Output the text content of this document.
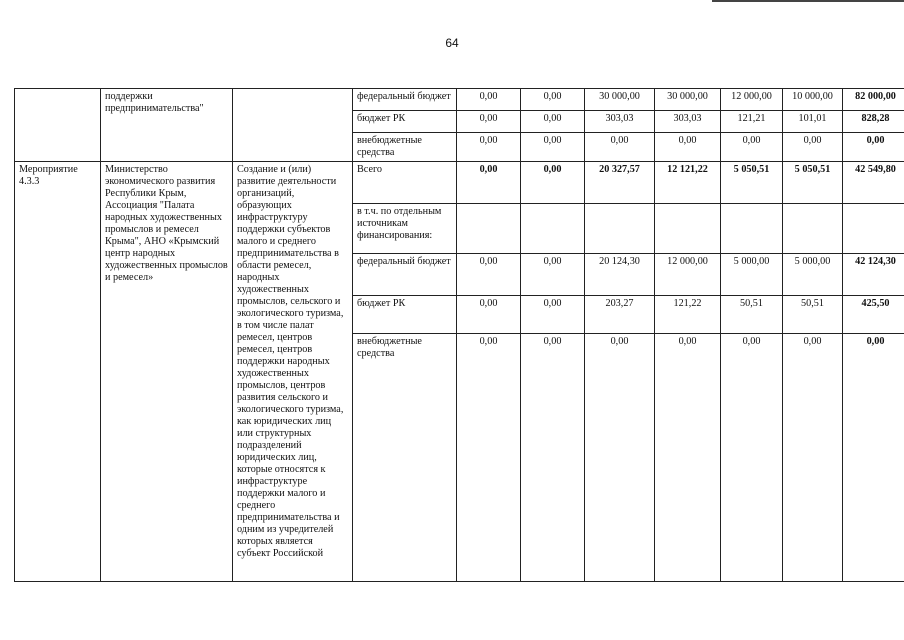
64
	поддержки предпринимательства"		федеральный бюджет	0,00	0,00	30 000,00	30 000,00	12 000,00	10 000,00	82 000,00
			бюджет РК	0,00	0,00	303,03	303,03	121,21	101,01	828,28
			внебюджетные средства	0,00	0,00	0,00	0,00	0,00	0,00	0,00
Мероприятие 4.3.3	Министерство экономического развития Республики Крым, Ассоциация "Палата народных художественных промыслов и ремесел Крыма", АНО «Крымский центр народных художественных промыслов и ремесел»	Создание и (или) развитие деятельности организаций, образующих инфраструктуру поддержки субъектов малого и среднего предпринимательства в области ремесел, народных художественных промыслов, сельского и экологического туризма, в том числе палат ремесел, центров ремесел, центров поддержки народных художественных промыслов, центров развития сельского и экологического туризма, как юридических лиц или структурных подразделений юридических лиц, которые относятся к инфраструктуре поддержки малого и среднего предпринимательства и одним из учредителей которых является субъект Российской	Всего	0,00	0,00	20 327,57	12 121,22	5 050,51	5 050,51	42 549,80
			в т.ч. по отдельным источникам финансирования:							
			федеральный бюджет	0,00	0,00	20 124,30	12 000,00	5 000,00	5 000,00	42 124,30
			бюджет РК	0,00	0,00	203,27	121,22	50,51	50,51	425,50
			внебюджетные средства	0,00	0,00	0,00	0,00	0,00	0,00	0,00
